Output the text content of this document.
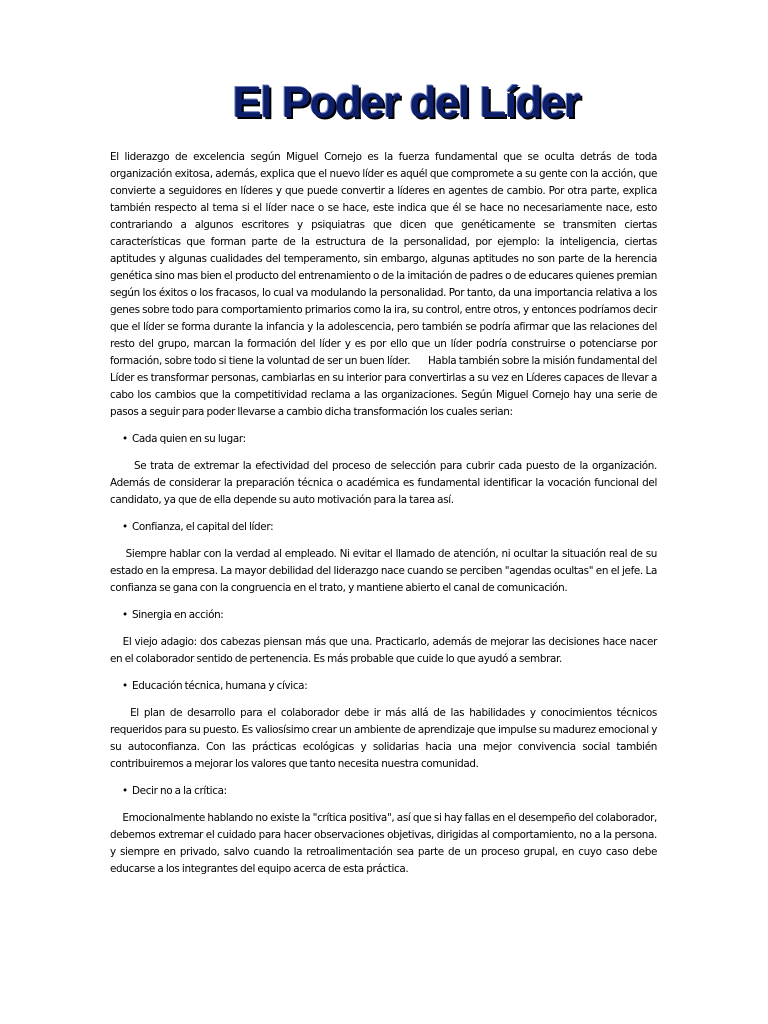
El Poder del Líder

El liderazgo de excelencia según Miguel Cornejo es la fuerza fundamental que se oculta detrás de toda organización exitosa, además, explica que el nuevo líder es aquél que compromete a su gente con la acción, que convierte a seguidores en líderes y que puede convertir a líderes en agentes de cambio. Por otra parte, explica también respecto al tema si el líder nace o se hace, este indica que él se hace no necesariamente nace, esto contrariando a algunos escritores y psiquiatras que dicen que genéticamente se transmiten ciertas características que forman parte de la estructura de la personalidad, por ejemplo: la inteligencia, ciertas aptitudes y algunas cualidades del temperamento, sin embargo, algunas aptitudes no son parte de la herencia genética sino mas bien el producto del entrenamiento o de la imitación de padres o de educares quienes premian según los éxitos o los fracasos, lo cual va modulando la personalidad. Por tanto, da una importancia relativa a los genes sobre todo para comportamiento primarios como la ira, su control, entre otros, y entonces podríamos decir que el líder se forma durante la infancia y la adolescencia, pero también se podría afirmar que las relaciones del resto del grupo, marcan la formación del líder y es por ello que un líder podría construirse o potenciarse por formación, sobre todo si tiene la voluntad de ser un buen líder.       Habla también sobre la misión fundamental del Líder es transformar personas, cambiarlas en su interior para convertirlas a su vez en Líderes capaces de llevar a cabo los cambios que la competitividad reclama a las organizaciones. Según Miguel Cornejo hay una serie de pasos a seguir para poder llevarse a cambio dicha transformación los cuales serian:

• Cada quien en su lugar:

Se trata de extremar la efectividad del proceso de selección para cubrir cada puesto de la organización. Además de considerar la preparación técnica o académica es fundamental identificar la vocación funcional del candidato, ya que de ella depende su auto motivación para la tarea así.

• Confianza, el capital del líder:

Siempre hablar con la verdad al empleado. Ni evitar el llamado de atención, ni ocultar la situación real de su estado en la empresa. La mayor debilidad del liderazgo nace cuando se perciben "agendas ocultas" en el jefe. La confianza se gana con la congruencia en el trato, y mantiene abierto el canal de comunicación.

• Sinergia en acción:

El viejo adagio: dos cabezas piensan más que una. Practicarlo, además de mejorar las decisiones hace nacer en el colaborador sentido de pertenencia. Es más probable que cuide lo que ayudó a sembrar.

• Educación técnica, humana y cívica:

El plan de desarrollo para el colaborador debe ir más allá de las habilidades y conocimientos técnicos requeridos para su puesto. Es valiosísimo crear un ambiente de aprendizaje que impulse su madurez emocional y su autoconfianza. Con las prácticas ecológicas y solidarias hacia una mejor convivencia social también contribuiremos a mejorar los valores que tanto necesita nuestra comunidad.

• Decir no a la crítica:

Emocionalmente hablando no existe la "crítica positiva", así que si hay fallas en el desempeño del colaborador, debemos extremar el cuidado para hacer observaciones objetivas, dirigidas al comportamiento, no a la persona. y siempre en privado, salvo cuando la retroalimentación sea parte de un proceso grupal, en cuyo caso debe educarse a los integrantes del equipo acerca de esta práctica.
